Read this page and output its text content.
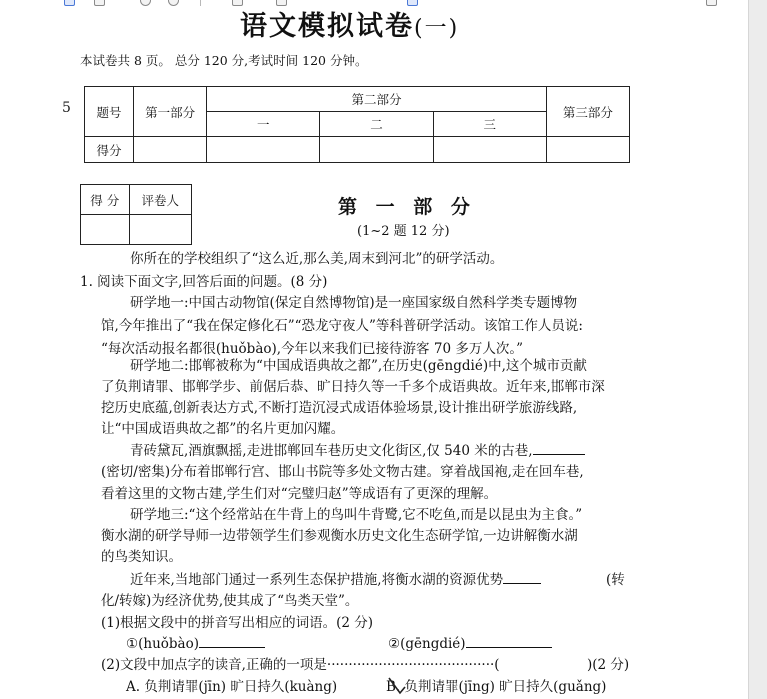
语文模拟试卷(一)
本试卷共 8 页。 总分 120 分,考试时间 120 分钟。
5 题号	第一部分	第二部分			第三部分
		一	二	三	
得分					
得 分	评卷人
		第 一 部 分
(1~2 题 12 分)
你所在的学校组织了“这么近,那么美,周末到河北”的研学活动。
1. 阅读下面文字,回答后面的问题。(8 分)
研学地一:中国古动物馆(保定自然博物馆)是一座国家级自然科学类专题博物
馆,今年推出了“我在保定修化石”“恐龙守夜人”等科普研学活动。该馆工作人员说:
“每次活动报名都很(huǒbào),今年以来我们已接待游客 70 多万人次。”
研学地二:邯郸被称为“中国成语典故之都”,在历史(gēngdié)中,这个城市贡献
了负荆请罪、邯郸学步、前倨后恭、旷日持久等一千多个成语典故。近年来,邯郸市深
挖历史底蕴,创新表达方式,不断打造沉浸式成语体验场景,设计推出研学旅游线路,
让“中国成语典故之都”的名片更加闪耀。
青砖黛瓦,酒旗飘摇,走进邯郸回车巷历史文化街区,仅 540 米的古巷,
(密切/密集)分布着邯郸行宫、邯山书院等多处文物古建。穿着战国袍,走在回车巷,
看着这里的文物古建,学生们对“完璧归赵”等成语有了更深的理解。
研学地三:“这个经常站在牛背上的鸟叫牛背鹭,它不吃鱼,而是以昆虫为主食。”
衡水湖的研学导师一边带领学生们参观衡水历史文化生态研学馆,一边讲解衡水湖
的鸟类知识。
近年来,当地部门通过一系列生态保护措施,将衡水湖的资源优势	(转
化/转嫁)为经济优势,使其成了“鸟类天堂”。
(1)根据文段中的拼音写出相应的词语。(2 分)
①(huǒbào)	②(gēngdié)
(2)文段中加点字的读音,正确的一项是·······································(	)(2 分)
A. 负荆请罪(jīn) 旷日持久(kuàng)	B. 负荆请罪(jīng) 旷日持久(guǎng)
